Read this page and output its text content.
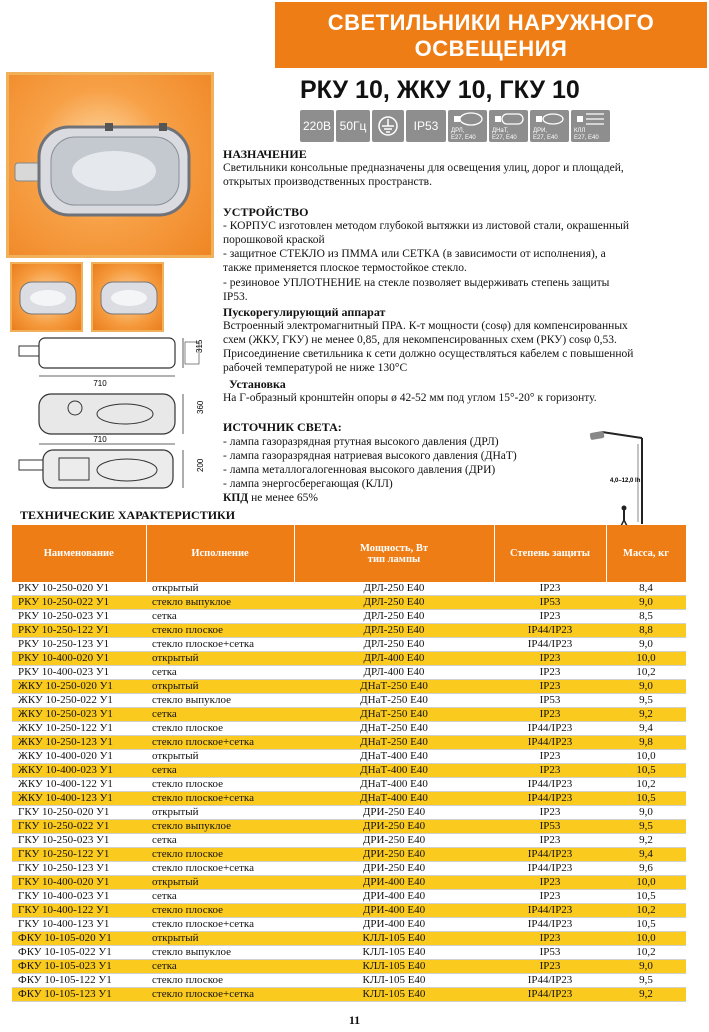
СВЕТИЛЬНИКИ НАРУЖНОГО
ОСВЕЩЕНИЯ
710
315
360
710
200
РКУ 10, ЖКУ 10, ГКУ 10
220В 50Гц	IP53	ДРЛ,
E27, E40
ДНаТ,
E27, E40
ДРИ,
E27, E40
КЛЛ
E27, E40
НАЗНАЧЕНИЕ
Светильники консольные предназначены для освещения улиц, дорог и площадей,
открытых производственных пространств.
УСТРОЙСТВО
- КОРПУС изготовлен методом глубокой вытяжки из листовой стали, окрашенный
порошковой краской
- защитное СТЕКЛО из ПММА или СЕТКА (в зависимости от исполнения), а
также применяется плоское термостойкое стекло.
- резиновое УПЛОТНЕНИЕ на стекле позволяет выдерживать степень защиты
IP53.
Пускорегулирующий аппарат
Встроенный электромагнитный ПРА. К-т мощности (cosφ) для компенсированных
схем (ЖКУ, ГКУ) не менее 0,85, для некомпенсированных схем (РКУ) cosφ 0,53.
Присоединение светильника к сети должно осуществляться кабелем с повышенной
рабочей температурой не ниже 130°С
Установка
На Г-образный кронштейн опоры ø 42-52 мм под углом 15°-20° к горизонту.
ИСТОЧНИК СВЕТА:
- лампа газоразрядная ртутная высокого давления (ДРЛ)
- лампа газоразрядная натриевая высокого давления (ДНаТ)
- лампа металлогалогенновая высокого давления (ДРИ)
- лампа энергосберегающая (КЛЛ)
КПД не менее 65%
4,0–12,0 Ih
ТЕХНИЧЕСКИЕ ХАРАКТЕРИСТИКИ
Наименование	Исполнение	Мощность, Вт
тип лампы	Степень защиты	Масса, кг
РКУ 10-250-020 У1	открытый	ДРЛ-250 Е40	IP23	8,4
РКУ 10-250-022 У1	стекло выпуклое	ДРЛ-250 Е40	IP53	9,0
РКУ 10-250-023 У1	сетка	ДРЛ-250 Е40	IP23	8,5
РКУ 10-250-122 У1	стекло плоское	ДРЛ-250 Е40	IP44/IP23	8,8
РКУ 10-250-123 У1	стекло плоское+сетка	ДРЛ-250 Е40	IP44/IP23	9,0
РКУ 10-400-020 У1	открытый	ДРЛ-400 Е40	IP23	10,0
РКУ 10-400-023 У1	сетка	ДРЛ-400 Е40	IP23	10,2
ЖКУ 10-250-020 У1	открытый	ДНаТ-250 Е40	IP23	9,0
ЖКУ 10-250-022 У1	стекло выпуклое	ДНаТ-250 Е40	IP53	9,5
ЖКУ 10-250-023 У1	сетка	ДНаТ-250 Е40	IP23	9,2
ЖКУ 10-250-122 У1	стекло плоское	ДНаТ-250 Е40	IP44/IP23	9,4
ЖКУ 10-250-123 У1	стекло плоское+сетка	ДНаТ-250 Е40	IP44/IP23	9,8
ЖКУ 10-400-020 У1	открытый	ДНаТ-400 Е40	IP23	10,0
ЖКУ 10-400-023 У1	сетка	ДНаТ-400 Е40	IP23	10,5
ЖКУ 10-400-122 У1	стекло плоское	ДНаТ-400 Е40	IP44/IP23	10,2
ЖКУ 10-400-123 У1	стекло плоское+сетка	ДНаТ-400 Е40	IP44/IP23	10,5
ГКУ 10-250-020 У1	открытый	ДРИ-250 Е40	IP23	9,0
ГКУ 10-250-022 У1	стекло выпуклое	ДРИ-250 Е40	IP53	9,5
ГКУ 10-250-023 У1	сетка	ДРИ-250 Е40	IP23	9,2
ГКУ 10-250-122 У1	стекло плоское	ДРИ-250 Е40	IP44/IP23	9,4
ГКУ 10-250-123 У1	стекло плоское+сетка	ДРИ-250 Е40	IP44/IP23	9,6
ГКУ 10-400-020 У1	открытый	ДРИ-400 Е40	IP23	10,0
ГКУ 10-400-023 У1	сетка	ДРИ-400 Е40	IP23	10,5
ГКУ 10-400-122 У1	стекло плоское	ДРИ-400 Е40	IP44/IP23	10,2
ГКУ 10-400-123 У1	стекло плоское+сетка	ДРИ-400 Е40	IP44/IP23	10,5
ФКУ 10-105-020 У1	открытый	КЛЛ-105 Е40	IP23	10,0
ФКУ 10-105-022 У1	стекло выпуклое	КЛЛ-105 Е40	IP53	10,2
ФКУ 10-105-023 У1	сетка	КЛЛ-105 Е40	IP23	9,0
ФКУ 10-105-122 У1	стекло плоское	КЛЛ-105 Е40	IP44/IP23	9,5
ФКУ 10-105-123 У1	стекло плоское+сетка	КЛЛ-105 Е40	IP44/IP23	9,2
11
